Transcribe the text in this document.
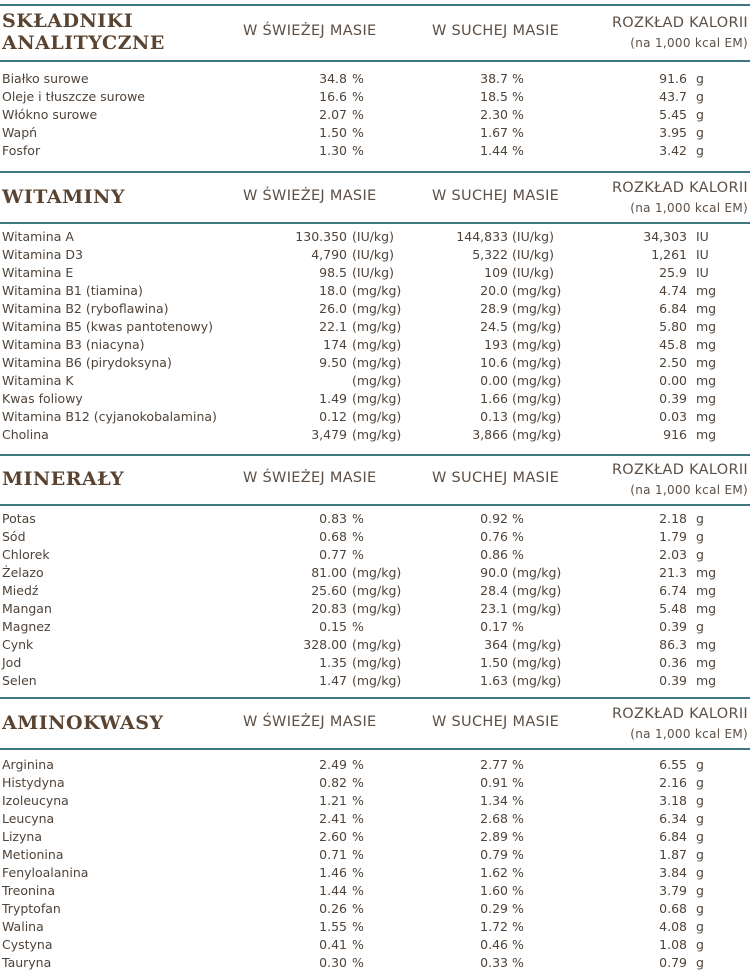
SKŁADNIKI
ANALITYCZNE
W ŚWIEŻEJ MASIE	W SUCHEJ MASIE	ROZKŁAD KALORII
(na 1,000 kcal EM)
Białko surowe	34.8 %	38.7 %	91.6 g
Oleje i tłuszcze surowe	16.6 %	18.5 %	43.7 g
Włókno surowe	2.07 %	2.30 %	5.45 g
Wapń	1.50 %	1.67 %	3.95 g
Fosfor	1.30 %	1.44 %	3.42 g
WITAMINY	W ŚWIEŻEJ MASIE	W SUCHEJ MASIE	ROZKŁAD KALORII
(na 1,000 kcal EM)
Witamina A	130.350 (IU/kg)	144,833 (IU/kg)	34,303 IU
Witamina D3	4,790 (IU/kg)	5,322 (IU/kg)	1,261 IU
Witamina E	98.5 (IU/kg)	109 (IU/kg)	25.9 IU
Witamina B1 (tiamina)	18.0 (mg/kg)	20.0 (mg/kg)	4.74 mg
Witamina B2 (ryboflawina)	26.0 (mg/kg)	28.9 (mg/kg)	6.84 mg
Witamina B5 (kwas pantotenowy)	22.1 (mg/kg)	24.5 (mg/kg)	5.80 mg
Witamina B3 (niacyna)	174 (mg/kg)	193 (mg/kg)	45.8 mg
Witamina B6 (pirydoksyna)	9.50 (mg/kg)	10.6 (mg/kg)	2.50 mg
Witamina K	(mg/kg)	0.00 (mg/kg)	0.00 mg
Kwas foliowy	1.49 (mg/kg)	1.66 (mg/kg)	0.39 mg
Witamina B12 (cyjanokobalamina)	0.12 (mg/kg)	0.13 (mg/kg)	0.03 mg
Cholina	3,479 (mg/kg)	3,866 (mg/kg)	916 mg
MINERAŁY	W ŚWIEŻEJ MASIE	W SUCHEJ MASIE	ROZKŁAD KALORII
(na 1,000 kcal EM)
Potas	0.83 %	0.92 %	2.18 g
Sód	0.68 %	0.76 %	1.79 g
Chlorek	0.77 %	0.86 %	2.03 g
Żelazo	81.00 (mg/kg)	90.0 (mg/kg)	21.3 mg
Miedź	25.60 (mg/kg)	28.4 (mg/kg)	6.74 mg
Mangan	20.83 (mg/kg)	23.1 (mg/kg)	5.48 mg
Magnez	0.15 %	0.17 %	0.39 g
Cynk	328.00 (mg/kg)	364 (mg/kg)	86.3 mg
Jod	1.35 (mg/kg)	1.50 (mg/kg)	0.36 mg
Selen	1.47 (mg/kg)	1.63 (mg/kg)	0.39 mg
AMINOKWASY	W ŚWIEŻEJ MASIE	W SUCHEJ MASIE	ROZKŁAD KALORII
(na 1,000 kcal EM)
Arginina	2.49 %	2.77 %	6.55 g
Histydyna	0.82 %	0.91 %	2.16 g
Izoleucyna	1.21 %	1.34 %	3.18 g
Leucyna	2.41 %	2.68 %	6.34 g
Lizyna	2.60 %	2.89 %	6.84 g
Metionina	0.71 %	0.79 %	1.87 g
Fenyloalanina	1.46 %	1.62 %	3.84 g
Treonina	1.44 %	1.60 %	3.79 g
Tryptofan	0.26 %	0.29 %	0.68 g
Walina	1.55 %	1.72 %	4.08 g
Cystyna	0.41 %	0.46 %	1.08 g
Tauryna	0.30 %	0.33 %	0.79 g
